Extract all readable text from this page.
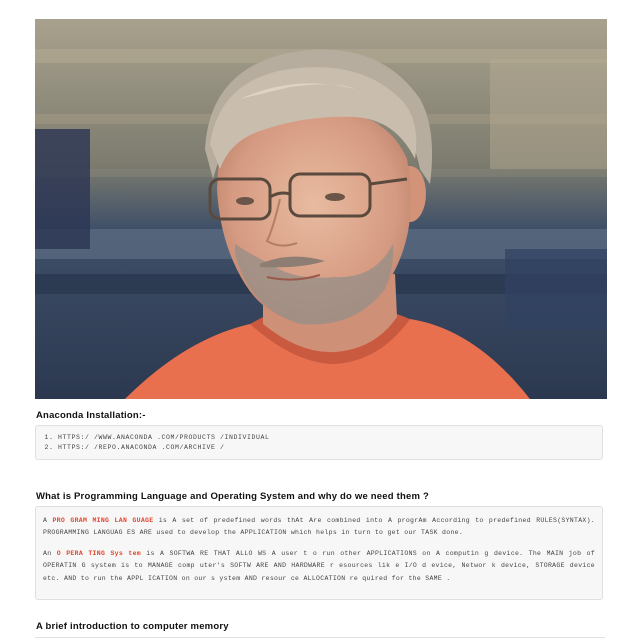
Anaconda Installation:-
1. HTTPS:/ /WWW.ANACONDA .COM/PRODUCTS /INDIVIDUAL
2. HTTPS:/ /REPO.ANACONDA .COM/ARCHIVE /
What is Programming Language and Operating System and why do we need them ?

A PRO GRAM MING LAN GUAGE is A set of predefined words thAt Are combined into A progrAm According to predefined RULES(SYNTAX). PROGRAMMING LANGUAG ES ARE used to develop the APPLICATION which helps in turn to get our TASK done.

An O PERA TING Sys tem is A SOFTWA RE THAT ALLO WS A user t o run other APPLICATIONS on A computin g device. The MAIN job of OPERATIN G system is to MANAGE comp uter's SOFTW ARE AND HARDWARE r esources lik e I/O d evice, Networ k device, STORAGE device etc. AND to run the APPL ICATION on our s ystem AND resour ce ALLOCATION re quired for the SAME .

A brief introduction to computer memory
